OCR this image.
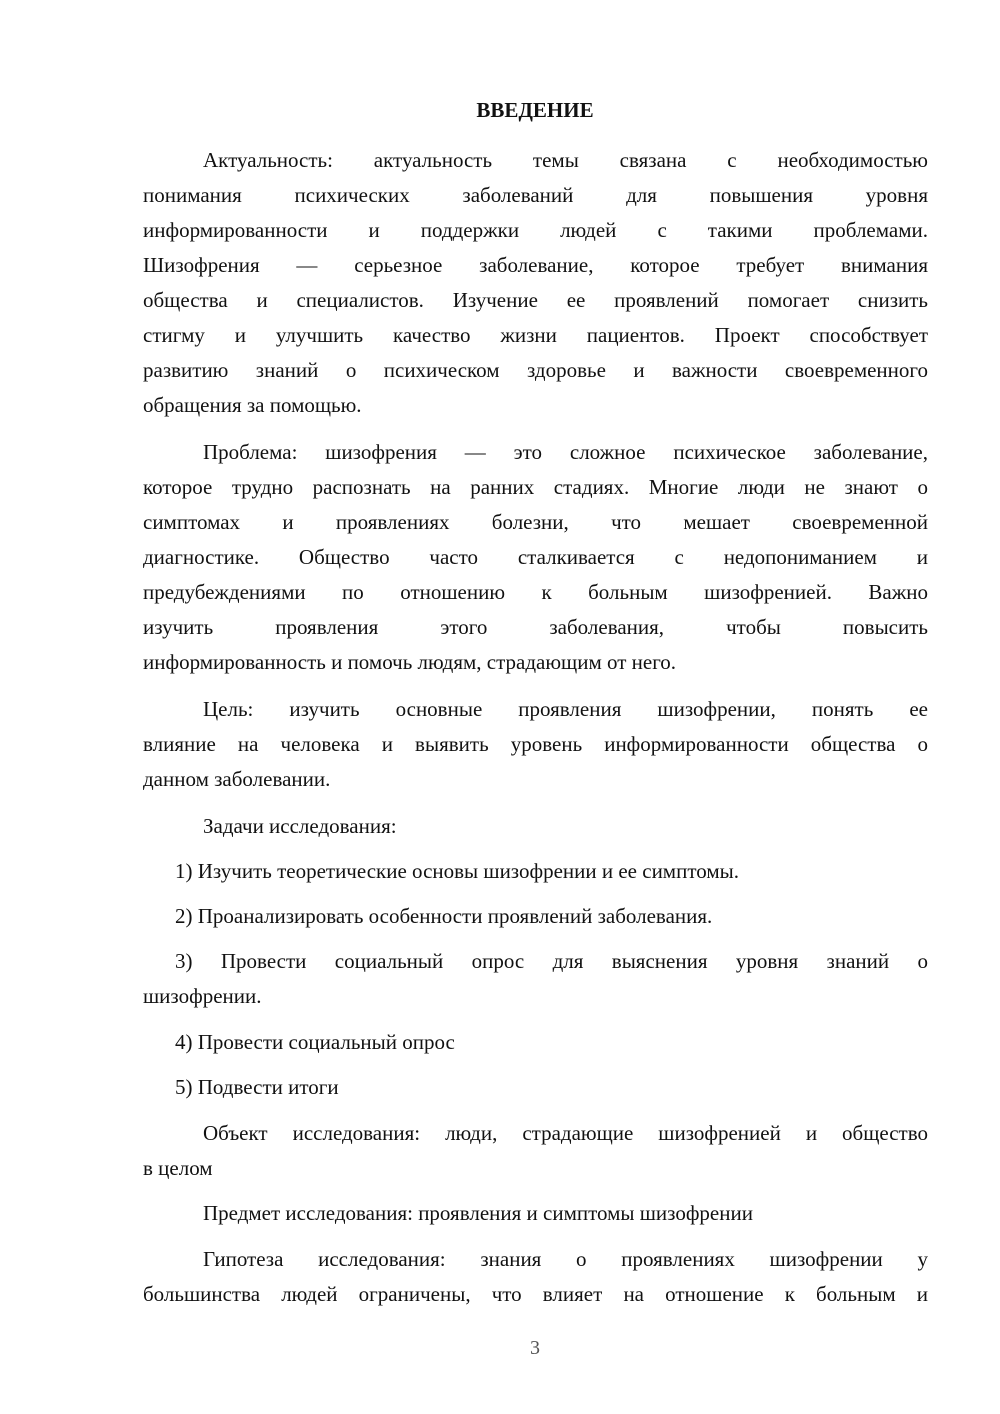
ВВЕДЕНИЕ
Актуальность: актуальность темы связана с необходимостью
понимания психических заболеваний для повышения уровня
информированности и поддержки людей с такими проблемами.
Шизофрения — серьезное заболевание, которое требует внимания
общества и специалистов. Изучение ее проявлений помогает снизить
стигму и улучшить качество жизни пациентов. Проект способствует
развитию знаний о психическом здоровье и важности своевременного
обращения за помощью.
Проблема: шизофрения — это сложное психическое заболевание,
которое трудно распознать на ранних стадиях. Многие люди не знают о
симптомах и проявлениях болезни, что мешает своевременной
диагностике. Общество часто сталкивается с недопониманием и
предубеждениями по отношению к больным шизофренией. Важно
изучить проявления этого заболевания, чтобы повысить
информированность и помочь людям, страдающим от него.
Цель: изучить основные проявления шизофрении, понять ее
влияние на человека и выявить уровень информированности общества о
данном заболевании.
Задачи исследования:
1) Изучить теоретические основы шизофрении и ее симптомы.
2) Проанализировать особенности проявлений заболевания.
3) Провести социальный опрос для выяснения уровня знаний о
шизофрении.
4) Провести социальный опрос
5) Подвести итоги
Объект исследования: люди, страдающие шизофренией и общество
в целом
Предмет исследования: проявления и симптомы шизофрении
Гипотеза исследования: знания о проявлениях шизофрении у
большинства людей ограничены, что влияет на отношение к больным и
3
